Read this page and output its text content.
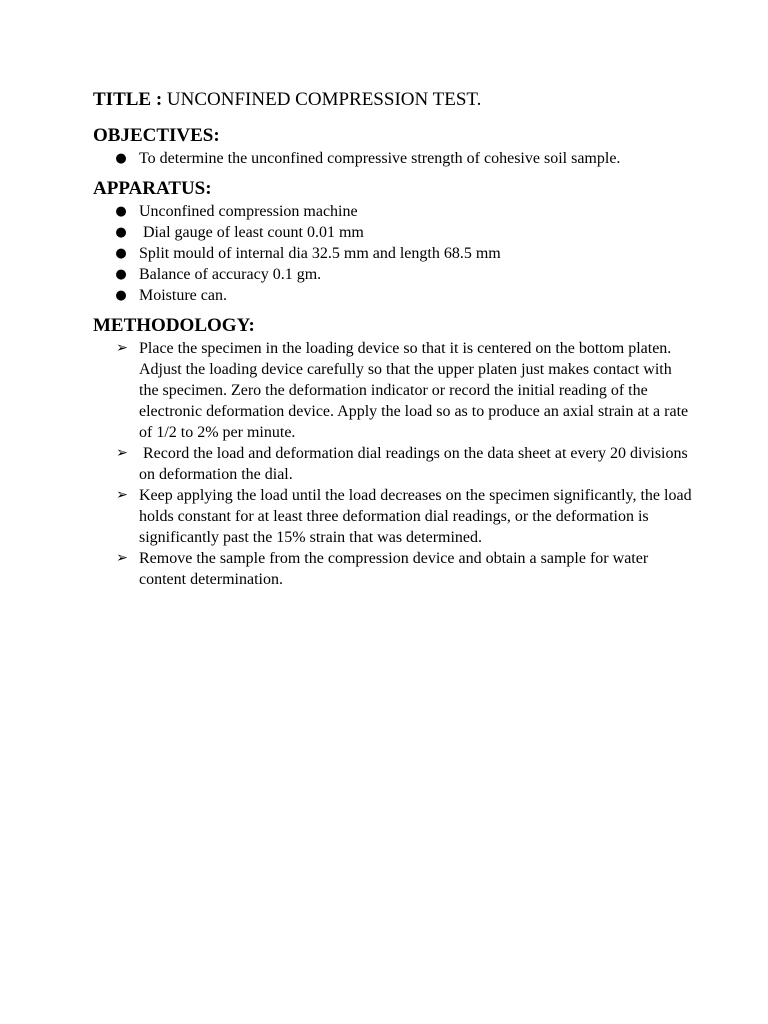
TITLE : UNCONFINED COMPRESSION TEST.

OBJECTIVES:

● To determine the unconfined compressive strength of cohesive soil sample.

APPARATUS:

● Unconfined compression machine
● Dial gauge of least count 0.01 mm
● Split mould of internal dia 32.5 mm and length 68.5 mm
● Balance of accuracy 0.1 gm.
● Moisture can.

METHODOLOGY:

➢ Place the specimen in the loading device so that it is centered on the bottom platen. Adjust the loading device carefully so that the upper platen just makes contact with the specimen. Zero the deformation indicator or record the initial reading of the electronic deformation device. Apply the load so as to produce an axial strain at a rate of 1/2 to 2% per minute.
➢ Record the load and deformation dial readings on the data sheet at every 20 divisions on deformation the dial.
➢ Keep applying the load until the load decreases on the specimen significantly, the load holds constant for at least three deformation dial readings, or the deformation is significantly past the 15% strain that was determined.
➢ Remove the sample from the compression device and obtain a sample for water content determination.
